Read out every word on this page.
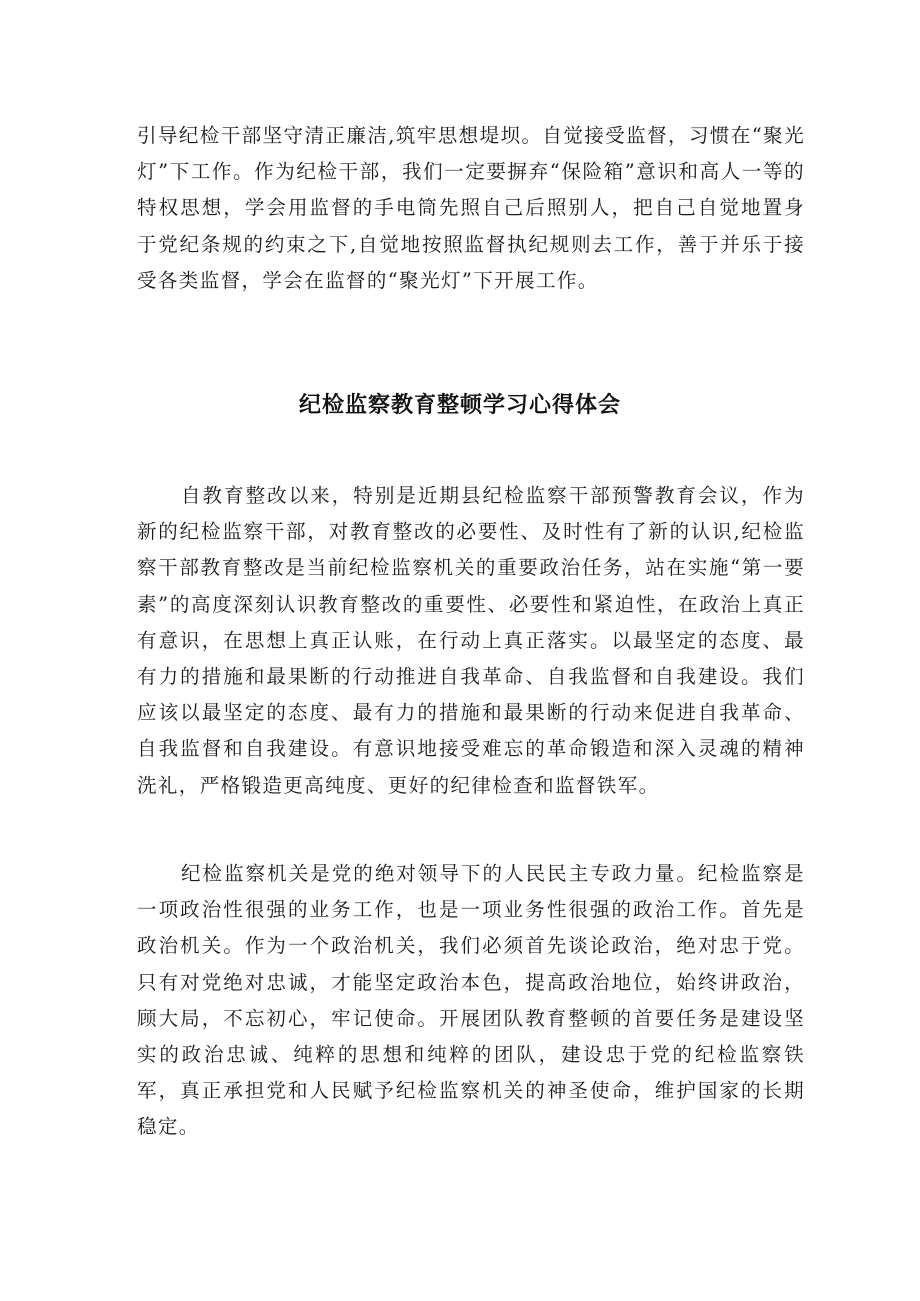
引导纪检干部坚守清正廉洁,筑牢思想堤坝。自觉接受监督，习惯在“聚光灯”下工作。作为纪检干部，我们一定要摒弃“保险箱”意识和高人一等的特权思想，学会用监督的手电筒先照自己后照别人，把自己自觉地置身于党纪条规的约束之下,自觉地按照监督执纪规则去工作，善于并乐于接受各类监督，学会在监督的“聚光灯”下开展工作。

纪检监察教育整顿学习心得体会

自教育整改以来，特别是近期县纪检监察干部预警教育会议，作为新的纪检监察干部，对教育整改的必要性、及时性有了新的认识,纪检监察干部教育整改是当前纪检监察机关的重要政治任务，站在实施“第一要素”的高度深刻认识教育整改的重要性、必要性和紧迫性，在政治上真正有意识，在思想上真正认账，在行动上真正落实。以最坚定的态度、最有力的措施和最果断的行动推进自我革命、自我监督和自我建设。我们应该以最坚定的态度、最有力的措施和最果断的行动来促进自我革命、自我监督和自我建设。有意识地接受难忘的革命锻造和深入灵魂的精神洗礼，严格锻造更高纯度、更好的纪律检查和监督铁军。

纪检监察机关是党的绝对领导下的人民民主专政力量。纪检监察是一项政治性很强的业务工作，也是一项业务性很强的政治工作。首先是政治机关。作为一个政治机关，我们必须首先谈论政治，绝对忠于党。只有对党绝对忠诚，才能坚定政治本色，提高政治地位，始终讲政治，顾大局，不忘初心，牢记使命。开展团队教育整顿的首要任务是建设坚实的政治忠诚、纯粹的思想和纯粹的团队，建设忠于党的纪检监察铁军，真正承担党和人民赋予纪检监察机关的神圣使命，维护国家的长期稳定。
